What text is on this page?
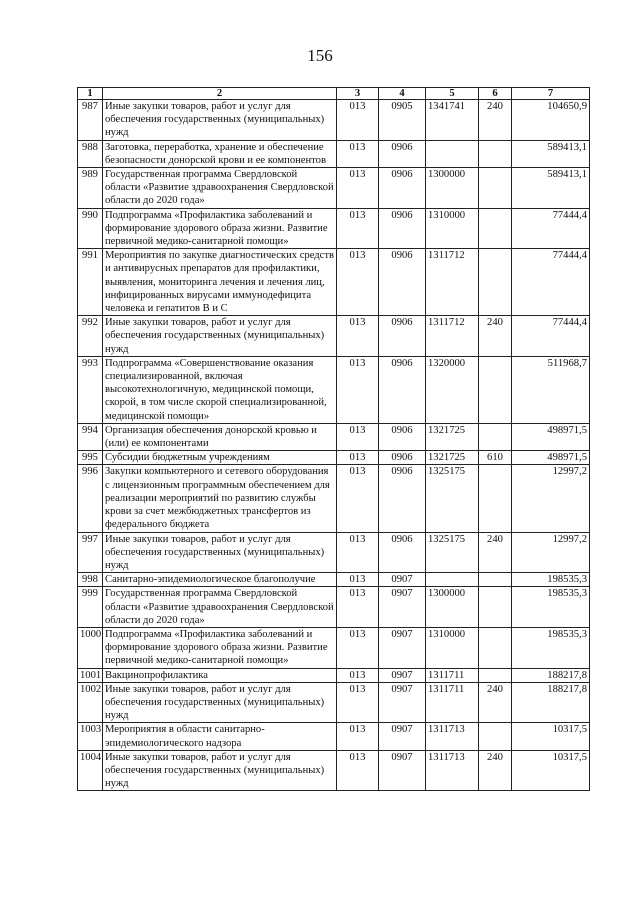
156
1	2	3	4	5	6	7
987	Иные закупки товаров, работ и услуг для обеспечения государственных (муниципальных) нужд	013	0905	1341741	240	104650,9
988	Заготовка, переработка, хранение и обеспечение безопасности донорской крови и ее компонентов	013	0906			589413,1
989	Государственная программа Свердловской области «Развитие здравоохранения Свердловской области до 2020 года»	013	0906	1300000		589413,1
990	Подпрограмма «Профилактика заболеваний и формирование здорового образа жизни. Развитие первичной медико-санитарной помощи»	013	0906	1310000		77444,4
991	Мероприятия по закупке диагностических средств и антивирусных препаратов для профилактики, выявления, мониторинга лечения и лечения лиц, инфицированных вирусами иммунодефицита человека и гепатитов В и С	013	0906	1311712		77444,4
992	Иные закупки товаров, работ и услуг для обеспечения государственных (муниципальных) нужд	013	0906	1311712	240	77444,4
993	Подпрограмма «Совершенствование оказания специализированной, включая высокотехнологичную, медицинской помощи, скорой, в том числе скорой специализированной, медицинской помощи»	013	0906	1320000		511968,7
994	Организация обеспечения донорской кровью и (или) ее компонентами	013	0906	1321725		498971,5
995	Субсидии бюджетным учреждениям	013	0906	1321725	610	498971,5
996	Закупки компьютерного и сетевого оборудования с лицензионным программным обеспечением для реализации мероприятий по развитию службы крови за счет межбюджетных трансфертов из федерального бюджета	013	0906	1325175		12997,2
997	Иные закупки товаров, работ и услуг для обеспечения государственных (муниципальных) нужд	013	0906	1325175	240	12997,2
998	Санитарно-эпидемиологическое благополучие	013	0907			198535,3
999	Государственная программа Свердловской области «Развитие здравоохранения Свердловской области до 2020 года»	013	0907	1300000		198535,3
1000	Подпрограмма «Профилактика заболеваний и формирование здорового образа жизни. Развитие первичной медико-санитарной помощи»	013	0907	1310000		198535,3
1001	Вакцинопрофилактика	013	0907	1311711		188217,8
1002	Иные закупки товаров, работ и услуг для обеспечения государственных (муниципальных) нужд	013	0907	1311711	240	188217,8
1003	Мероприятия в области санитарно-эпидемиологического надзора	013	0907	1311713		10317,5
1004	Иные закупки товаров, работ и услуг для обеспечения государственных (муниципальных) нужд	013	0907	1311713	240	10317,5
